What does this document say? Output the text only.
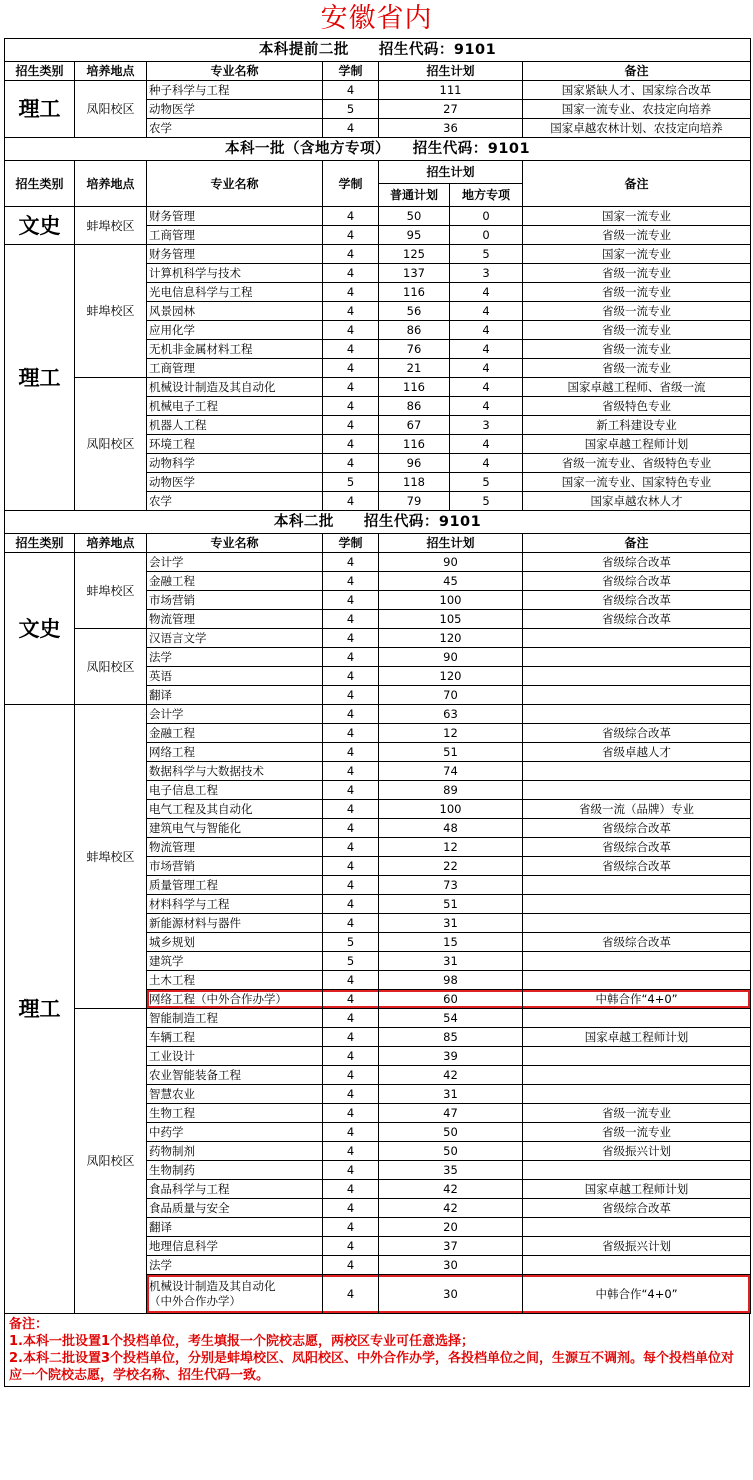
安徽省内
本科提前二批　　招生代码：9101						
招生类别	培养地点	专业名称	学制	招生计划		备注
理工	凤阳校区	种子科学与工程	4	111		国家紧缺人才、国家综合改革
		动物医学	5	27		国家一流专业、农技定向培养
		农学	4	36		国家卓越农林计划、农技定向培养
本科一批（含地方专项）　　招生代码：9101						
招生类别	培养地点	专业名称	学制	招生计划		备注
				普通计划	地方专项	
文史	蚌埠校区	财务管理	4	50	0	国家一流专业
		工商管理	4	95	0	省级一流专业
理工	蚌埠校区	财务管理	4	125	5	国家一流专业
		计算机科学与技术	4	137	3	省级一流专业
		光电信息科学与工程	4	116	4	省级一流专业
		风景园林	4	56	4	省级一流专业
		应用化学	4	86	4	省级一流专业
		无机非金属材料工程	4	76	4	省级一流专业
		工商管理	4	21	4	省级一流专业
	凤阳校区	机械设计制造及其自动化	4	116	4	国家卓越工程师、省级一流
		机械电子工程	4	86	4	省级特色专业
		机器人工程	4	67	3	新工科建设专业
		环境工程	4	116	4	国家卓越工程师计划
		动物科学	4	96	4	省级一流专业、省级特色专业
		动物医学	5	118	5	国家一流专业、国家特色专业
		农学	4	79	5	国家卓越农林人才
本科二批　　招生代码：9101						
招生类别	培养地点	专业名称	学制	招生计划		备注
文史	蚌埠校区	会计学	4	90		省级综合改革
		金融工程	4	45		省级综合改革
		市场营销	4	100		省级综合改革
		物流管理	4	105		省级综合改革
	凤阳校区	汉语言文学	4	120		
		法学	4	90		
		英语	4	120		
		翻译	4	70		
理工	蚌埠校区	会计学	4	63		
		金融工程	4	12		省级综合改革
		网络工程	4	51		省级卓越人才
		数据科学与大数据技术	4	74		
		电子信息工程	4	89		
		电气工程及其自动化	4	100		省级一流（品牌）专业
		建筑电气与智能化	4	48		省级综合改革
		物流管理	4	12		省级综合改革
		市场营销	4	22		省级综合改革
		质量管理工程	4	73		
		材料科学与工程	4	51		
		新能源材料与器件	4	31		
		城乡规划	5	15		省级综合改革
		建筑学	5	31		
		土木工程	4	98		
		网络工程（中外合作办学）	4	60		中韩合作“4+0”
	凤阳校区	智能制造工程	4	54		
		车辆工程	4	85		国家卓越工程师计划
		工业设计	4	39		
		农业智能装备工程	4	42		
		智慧农业	4	31		
		生物工程	4	47		省级一流专业
		中药学	4	50		省级一流专业
		药物制剂	4	50		省级振兴计划
		生物制药	4	35		
		食品科学与工程	4	42		国家卓越工程师计划
		食品质量与安全	4	42		省级综合改革
		翻译	4	20		
		地理信息科学	4	37		省级振兴计划
		法学	4	30		
		机械设计制造及其自动化
（中外合作办学）	4	30		中韩合作“4+0”
备注：
1.本科一批设置1个投档单位，考生填报一个院校志愿，两校区专业可任意选择；
2.本科二批设置3个投档单位，分别是蚌埠校区、凤阳校区、中外合作办学，各投档单位之间，生源互不调剂。每个投档单位对应一个院校志愿，学校名称、招生代码一致。
